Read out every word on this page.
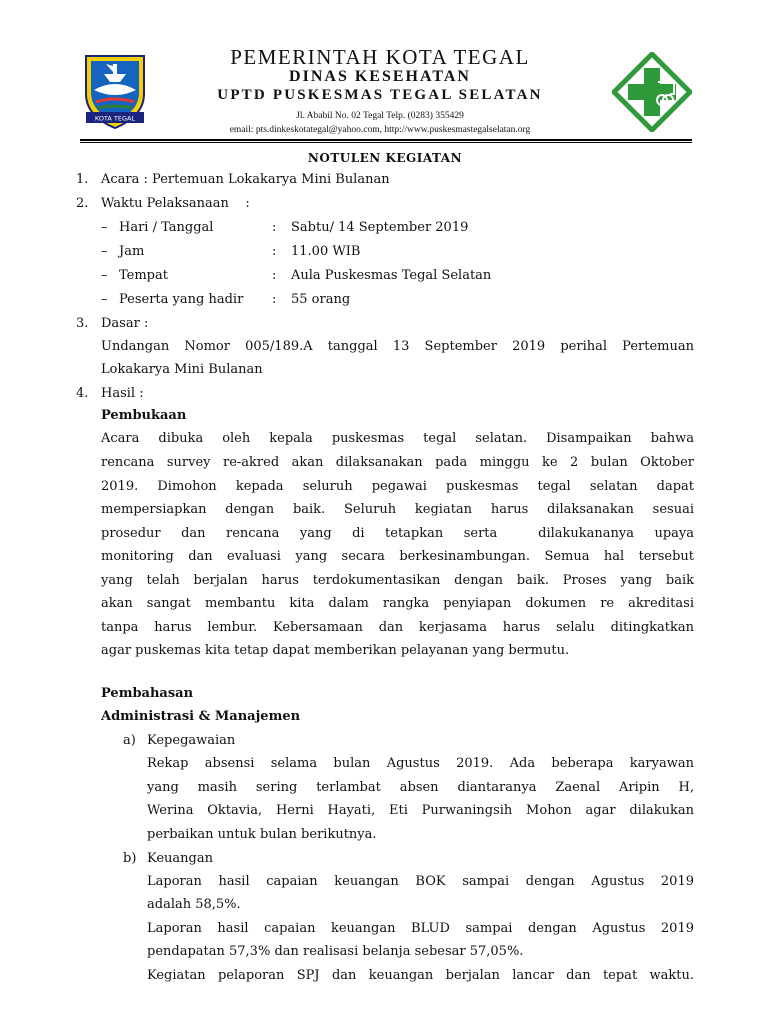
KOTA TEGAL
PEMERINTAH KOTA TEGAL
DINAS KESEHATAN
UPTD PUSKESMAS TEGAL SELATAN
Jl. Ababil No. 02 Tegal Telp. (0283) 355429
email: pts.dinkeskotategal@yahoo.com, http://www.puskesmastegalselatan.org
NOTULEN KEGIATAN
1. Acara : Pertemuan Lokakarya Mini Bulanan
2. Waktu Pelaksanaan    :
– Hari / Tanggal	: Sabtu/ 14 September 2019
– Jam	: 11.00 WIB
– Tempat	: Aula Puskesmas Tegal Selatan
– Peserta yang hadir : 55 orang
3. Dasar :
Undangan Nomor 005/189.A tanggal 13 September 2019 perihal Pertemuan
Lokakarya Mini Bulanan
4. Hasil :
Pembukaan
Acara dibuka oleh kepala puskesmas tegal selatan. Disampaikan bahwa
rencana survey re-akred akan dilaksanakan pada minggu ke 2 bulan Oktober
2019. Dimohon kepada seluruh pegawai puskesmas tegal selatan dapat
mempersiapkan dengan baik. Seluruh kegiatan harus dilaksanakan sesuai
prosedur dan rencana yang di tetapkan serta  dilakukananya upaya
monitoring dan evaluasi yang secara berkesinambungan. Semua hal tersebut
yang telah berjalan harus terdokumentasikan dengan baik. Proses yang baik
akan sangat membantu kita dalam rangka penyiapan dokumen re akreditasi
tanpa harus lembur. Kebersamaan dan kerjasama harus selalu ditingkatkan
agar puskemas kita tetap dapat memberikan pelayanan yang bermutu.
Pembahasan
Administrasi & Manajemen
a) Kepegawaian
Rekap absensi selama bulan Agustus 2019. Ada beberapa karyawan
yang masih sering terlambat absen diantaranya Zaenal Aripin H,
Werina Oktavia, Herni Hayati, Eti Purwaningsih Mohon agar dilakukan
perbaikan untuk bulan berikutnya.
b) Keuangan
Laporan hasil capaian keuangan BOK sampai dengan Agustus 2019
adalah 58,5%.
Laporan hasil capaian keuangan BLUD sampai dengan Agustus 2019
pendapatan 57,3% dan realisasi belanja sebesar 57,05%.
Kegiatan pelaporan SPJ dan keuangan berjalan lancar dan tepat waktu.
